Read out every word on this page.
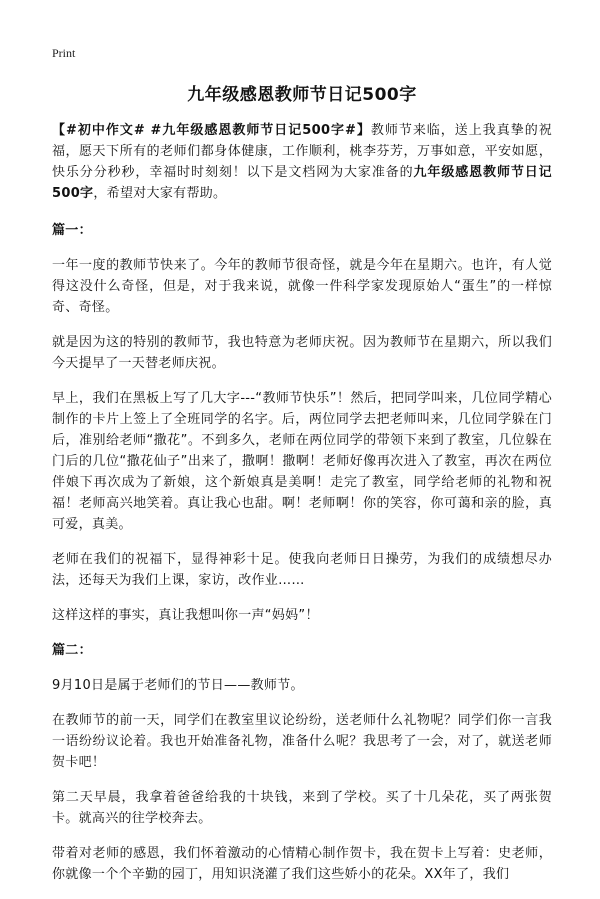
Print
九年级感恩教师节日记500字

【#初中作文# #九年级感恩教师节日记500字#】教师节来临，送上我真挚的祝福，愿天下所有的老师们都身体健康，工作顺利，桃李芬芳，万事如意，平安如愿，快乐分分秒秒，幸福时时刻刻！以下是文档网为大家准备的九年级感恩教师节日记500字，希望对大家有帮助。

篇一：

一年一度的教师节快来了。今年的教师节很奇怪，就是今年在星期六。也许，有人觉得这没什么奇怪，但是，对于我来说，就像一件科学家发现原始人“蛋生”的一样惊奇、奇怪。

就是因为这的特别的教师节，我也特意为老师庆祝。因为教师节在星期六，所以我们今天提早了一天替老师庆祝。

早上，我们在黑板上写了几大字---“教师节快乐”！然后，把同学叫来，几位同学精心制作的卡片上签上了全班同学的名字。后，两位同学去把老师叫来，几位同学躲在门后，准别给老师“撒花”。不到多久，老师在两位同学的带领下来到了教室，几位躲在门后的几位“撒花仙子”出来了，撒啊！撒啊！老师好像再次进入了教室，再次在两位伴娘下再次成为了新娘，这个新娘真是美啊！走完了教室，同学给老师的礼物和祝福！老师高兴地笑着。真让我心也甜。啊！老师啊！你的笑容，你可蔼和亲的脸，真可爱，真美。

老师在我们的祝福下，显得神彩十足。使我向老师日日操劳，为我们的成绩想尽办法，还每天为我们上课，家访，改作业……

这样这样的事实，真让我想叫你一声“妈妈”！

篇二：

9月10日是属于老师们的节日——教师节。

在教师节的前一天，同学们在教室里议论纷纷，送老师什么礼物呢？同学们你一言我一语纷纷议论着。我也开始准备礼物，准备什么呢？我思考了一会，对了，就送老师贺卡吧！

第二天早晨，我拿着爸爸给我的十块钱，来到了学校。买了十几朵花，买了两张贺卡。就高兴的往学校奔去。

带着对老师的感恩，我们怀着激动的心情精心制作贺卡，我在贺卡上写着：史老师，你就像一个个辛勤的园丁，用知识浇灌了我们这些娇小的花朵。XX年了，我们
